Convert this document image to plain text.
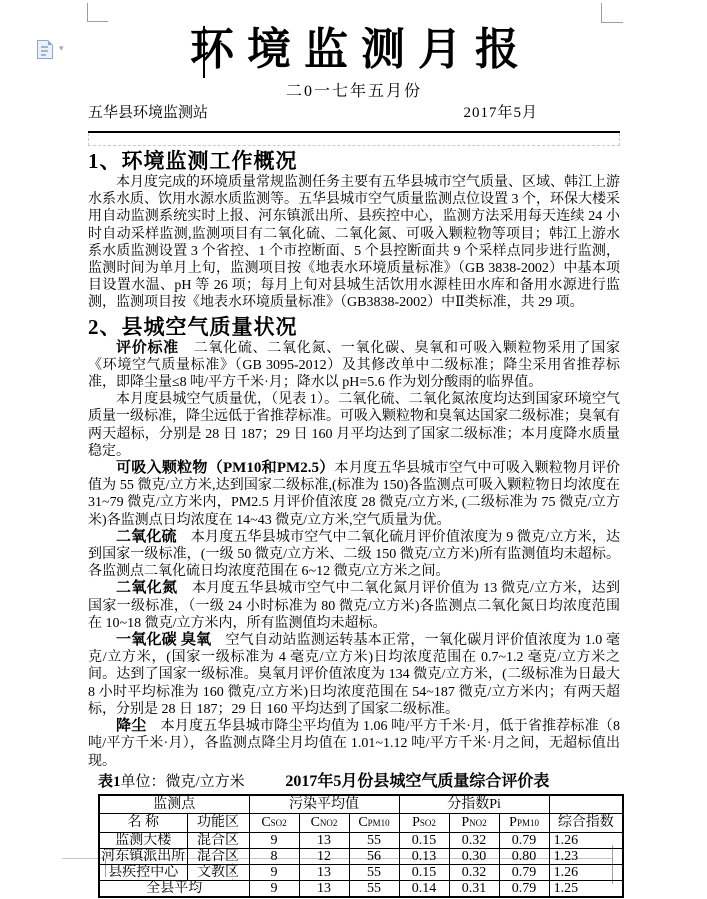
▾	环境监测月报
二0一七年五月份
五华县环境监测站	2017年5月
1、环境监测工作概况

本月度完成的环境质量常规监测任务主要有五华县城市空气质量、区域、韩江上游水系水质、饮用水源水质监测等。五华县城市空气质量监测点位设置 3 个，环保大楼采用自动监测系统实时上报、河东镇派出所、县疾控中心，监测方法采用每天连续 24 小时自动采样监测,监测项目有二氧化硫、二氧化氮、可吸入颗粒物等项目；韩江上游水系水质监测设置 3 个省控、1 个市控断面、5 个县控断面共 9 个采样点同步进行监测，监测时间为单月上旬，监测项目按《地表水环境质量标准》（GB 3838-2002）中基本项目设置水温、pH 等 26 项；每月上旬对县城生活饮用水源桂田水库和备用水源进行监测，监测项目按《地表水环境质量标准》（GB3838-2002）中Ⅱ类标准，共 29 项。

2、县城空气质量状况

评价标准　二氧化硫、二氧化氮、一氧化碳、臭氧和可吸入颗粒物采用了国家《环境空气质量标准》（GB 3095-2012）及其修改单中二级标准；降尘采用省推荐标准，即降尘量≤8 吨/平方千米·月；降水以 pH=5.6 作为划分酸雨的临界值。

本月度县城空气质量优，（见表 1）。二氧化硫、二氧化氮浓度均达到国家环境空气质量一级标准，降尘远低于省推荐标准。可吸入颗粒物和臭氧达国家二级标准；臭氧有两天超标，分别是 28 日 187；29 日 160 月平均达到了国家二级标准；本月度降水质量稳定。

可吸入颗粒物（PM10和PM2.5）本月度五华县城市空气中可吸入颗粒物月评价值为 55 微克/立方米,达到国家二级标准,(标准为 150)各监测点可吸入颗粒物日均浓度在 31~79 微克/立方米内，PM2.5 月评价值浓度 28 微克/立方米, (二级标准为 75 微克/立方米)各监测点日均浓度在 14~43 微克/立方米,空气质量为优。

二氧化硫　本月度五华县城市空气中二氧化硫月评价值浓度为 9 微克/立方米，达到国家一级标准，(一级 50 微克/立方米、二级 150 微克/立方米)所有监测值均未超标。各监测点二氧化硫日均浓度范围在 6~12 微克/立方米之间。

二氧化氮　本月度五华县城市空气中二氧化氮月评价值为 13 微克/立方米，达到国家一级标准，（一级 24 小时标准为 80 微克/立方米)各监测点二氧化氮日均浓度范围在 10~18 微克/立方米内，所有监测值均未超标。

一氧化碳 臭氧　空气自动站监测运转基本正常，一氧化碳月评价值浓度为 1.0 毫克/立方米，(国家一级标准为 4 毫克/立方米)日均浓度范围在 0.7~1.2 毫克/立方米之间。达到了国家一级标准。臭氧月评价值浓度为 134 微克/立方米，(二级标准为日最大 8 小时平均标准为 160 微克/立方米)日均浓度范围在 54~187 微克/立方米内；有两天超标，分别是 28 日 187；29 日 160 平均达到了国家二级标准。

降尘　本月度五华县城市降尘平均值为 1.06 吨/平方千米·月，低于省推荐标准（8 吨/平方千米·月），各监测点降尘月均值在 1.01~1.12 吨/平方千米·月之间，无超标值出现。

表1 单位：微克/立方米	2017年5月份县城空气质量综合评价表
监测点		污染平均值			分指数Pi			
名 称	功能区	CSO2	CNO2	CPM10	PSO2	PNO2	PPM10	综合指数
监测大楼	混合区	9	13	55	0.15	0.32	0.79	1.26
河东镇派出所	混合区	8	12	56	0.13	0.30	0.80	1.23
县疾控中心	文教区	9	13	55	0.15	0.32	0.79	1.26
全县平均		9	13	55	0.14	0.31	0.79	1.25
